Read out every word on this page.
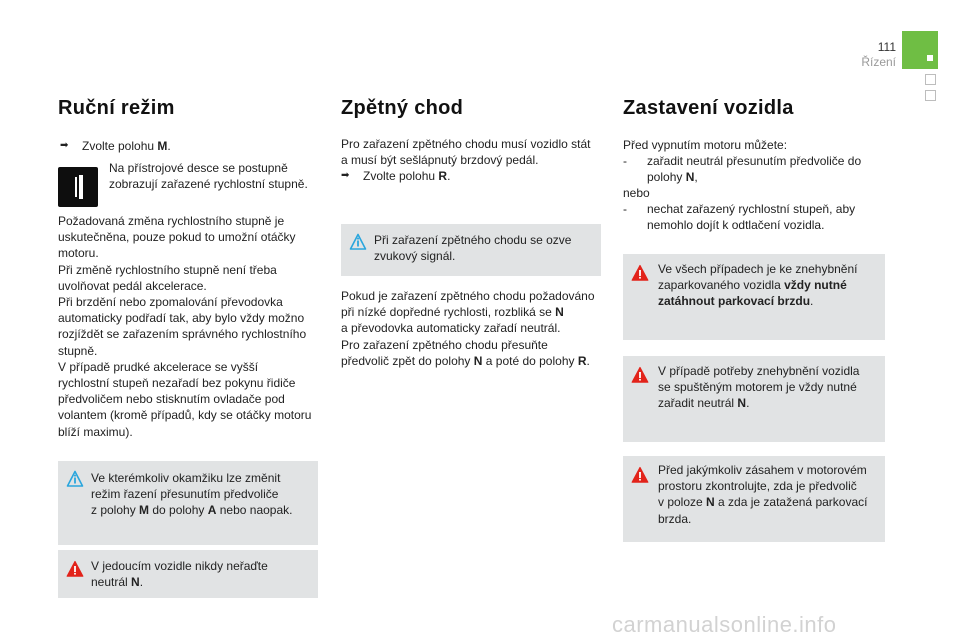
111
Řízení
Ruční režim
➡ Zvolte polohu M.
Na přístrojové desce se postupně zobrazují zařazené rychlostní stupně.
Požadovaná změna rychlostního stupně je
uskutečněna, pouze pokud to umožní otáčky
motoru.
Při změně rychlostního stupně není třeba
uvolňovat pedál akcelerace.
Při brzdění nebo zpomalování převodovka
automaticky podřadí tak, aby bylo vždy možno
rozjíždět se zařazením správného rychlostního
stupně.
V případě prudké akcelerace se vyšší
rychlostní stupeň nezařadí bez pokynu řidiče
předvoličem nebo stisknutím ovladače pod
volantem (kromě případů, kdy se otáčky motoru
blíží maximu).
Ve kterémkoliv okamžiku lze změnit
režim řazení přesunutím předvoliče
z polohy M do polohy A nebo naopak.
V jedoucím vozidle nikdy neřaďte
neutrál N.
Zpětný chod
Pro zařazení zpětného chodu musí vozidlo stát
a musí být sešlápnutý brzdový pedál.
➡ Zvolte polohu R.
Při zařazení zpětného chodu se ozve
zvukový signál.
Pokud je zařazení zpětného chodu požadováno
při nízké dopředné rychlosti, rozbliká se N
a převodovka automaticky zařadí neutrál.
Pro zařazení zpětného chodu přesuňte
předvolič zpět do polohy N a poté do polohy R.
Zastavení vozidla
Před vypnutím motoru můžete:
- zařadit neutrál přesunutím předvoliče do
polohy N,
nebo
- nechat zařazený rychlostní stupeň, aby
nemohlo dojít k odtlačení vozidla.
Ve všech případech je ke znehybnění
zaparkovaného vozidla vždy nutné
zatáhnout parkovací brzdu.
V případě potřeby znehybnění vozidla
se spuštěným motorem je vždy nutné
zařadit neutrál N.
Před jakýmkoliv zásahem v motorovém
prostoru zkontrolujte, zda je předvolič
v poloze N a zda je zatažená parkovací
brzda.
carmanualsonline.info
